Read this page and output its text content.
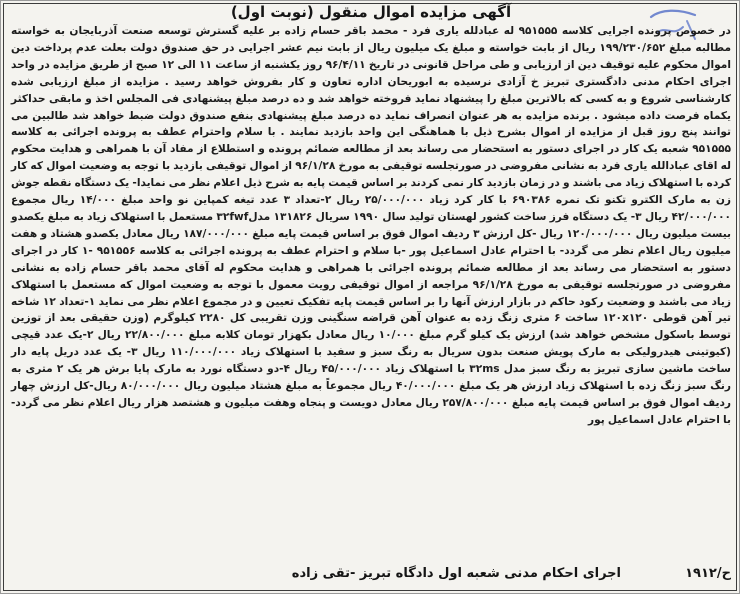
آگهی مزایده اموال منقول (نوبت اول)

در خصوص پرونده اجرایی کلاسه ۹۵۱۵۵۵ له عبادلله یاری فرد - محمد باقر حسام زاده بر علیه گسترش توسعه صنعت آذربایجان به خواسته مطالبه مبلغ ۱۹۹/۲۳۰/۶۵۲ ریال از بابت خواسته و مبلغ یک میلیون ریال از بابت نیم عشر اجرایی در حق صندوق دولت بعلت عدم پرداخت دین اموال محکوم علیه توقیف دین از ارزیابی و طی مراحل قانونی در تاریخ ۹۶/۴/۱۱ روز یکشنبه از ساعت ۱۱ الی ۱۲ صبح از طریق مزایده در واحد اجرای احکام مدنی دادگستری تبریز خ آزادی نرسیده به ابوریحان اداره تعاون و کار بفروش خواهد رسید . مزایده از مبلغ ارزیابی شده کارشناسی شروع و به کسی که بالاترین مبلغ را پیشنهاد نماید فروخته خواهد شد و ده درصد مبلغ پیشنهادی فی المجلس اخذ و مابقی حداکثر یکماه فرصت داده میشود . برنده مزایده به هر عنوان انصراف نماید ده درصد مبلغ پیشنهادی بنفع صندوق دولت ضبط خواهد شد طالبین می توانند پنج روز قبل از مزایده از اموال بشرح ذیل با هماهنگی این واحد بازدید نمایند . با سلام واحترام عطف به پرونده اجرائی به کلاسه ۹۵۱۵۵۵ شعبه یک کار در اجرای دستور به استحضار می رساند بعد از مطالعه ضمائم پرونده و استطلاع از مفاد آن با همراهی و هدایت محکوم له اقای عبادالله یاری فرد به نشانی مفروضی در صورتجلسه توقیفی به مورخ ۹۶/۱/۲۸ از اموال توقیفی بازدید با توجه به وضعیت اموال که کار کرده با استهلاک زیاد می باشند و در زمان بازدید کار نمی کردند بر اساس قیمت پایه به شرح ذیل اعلام نظر می نمایدا- یک دستگاه نقطه جوش زن به مارک الکترو تکنو تک نمره ۶۹۰۳۸۶ با کار کرد زیاد ۲۵/۰۰۰/۰۰۰ ریال ۲-تعداد ۳ عدد تیغه کمپاین نو واحد مبلغ ۱۴/۰۰۰ ریال مجموع ۴۲/۰۰۰/۰۰۰ ریال ۳- یک دستگاه فرز ساخت کشور لهستان تولید سال ۱۹۹۰ سریال ۱۳۱۸۲۶ مدل۳۲fwf مستعمل با استهلاک زیاد به مبلغ یکصدو بیست میلیون ریال ۱۲۰/۰۰۰/۰۰۰ ریال -کل ارزش ۳ ردیف اموال فوق بر اساس قیمت پایه مبلغ ۱۸۷/۰۰۰/۰۰۰ ریال معادل یکصدو هشتاد و هفت میلیون ریال اعلام نظر می گردد- با احترام عادل اسماعیل پور -با سلام و احترام عطف به پرونده اجرائی به کلاسه ۹۵۱۵۵۶ -۱ کار در اجرای دستور به استحضار می رساند بعد از مطالعه ضمائم پرونده اجرائی با همراهی و هدایت محکوم له آقای محمد باقر حسام زاده به نشانی مفروضی در صورتجلسه توقیفی به مورخ ۹۶/۱/۲۸ مراجعه از اموال توقیفی رویت معمول با توجه به وضعیت اموال که مستعمل با استهلاک زیاد می باشند و وضعیت رکود حاکم در بازار ارزش آنها را بر اساس قیمت پایه تفکیک تعیین و در مجموع اعلام نظر می نماید ۱-تعداد ۱۲ شاخه تیر آهن قوطی ۱۲۰x۱۲۰ ساخت ۶ متری زنگ زده به عنوان آهن قراضه سنگینی وزن تقریبی کل ۲۲۸۰ کیلوگرم (وزن حقیقی بعد از توزین توسط باسکول مشخص خواهد شد) ارزش یک کیلو گرم مبلغ ۱۰/۰۰۰ ریال معادل بکهزار تومان کلابه مبلغ ۲۲/۸۰۰/۰۰۰ ریال ۲-یک عدد قیچی (کیوتینی هیدرولیکی به مارک پویش صنعت بدون سریال به رنگ سبز و سفید با استهلاک زیاد ۱۱۰/۰۰۰/۰۰۰ ریال ۳- یک عدد دریل پایه دار ساخت ماشین سازی تبریز به رنگ سبز مدل ۳۲ms با استهلاک زیاد ۴۵/۰۰۰/۰۰۰ ریال ۴-دو دستگاه نورد به مارک پایا برش هر یک ۲ متری به رنگ سبز زنگ زده با استهلاک زیاد ارزش هر یک مبلغ ۴۰/۰۰۰/۰۰۰ ریال مجموعاً به مبلغ هشتاد میلیون ریال ۸۰/۰۰۰/۰۰۰ ریال-کل ارزش چهار ردیف اموال فوق بر اساس قیمت پایه مبلغ ۲۵۷/۸۰۰/۰۰۰ ریال معادل دویست و پنجاه وهفت میلیون و هشتصد هزار ریال اعلام نظر می گردد-با احترام عادل اسماعیل پور

ح/۱۹۱۲
اجرای احکام مدنی شعبه اول دادگاه تبریز -تقی زاده
